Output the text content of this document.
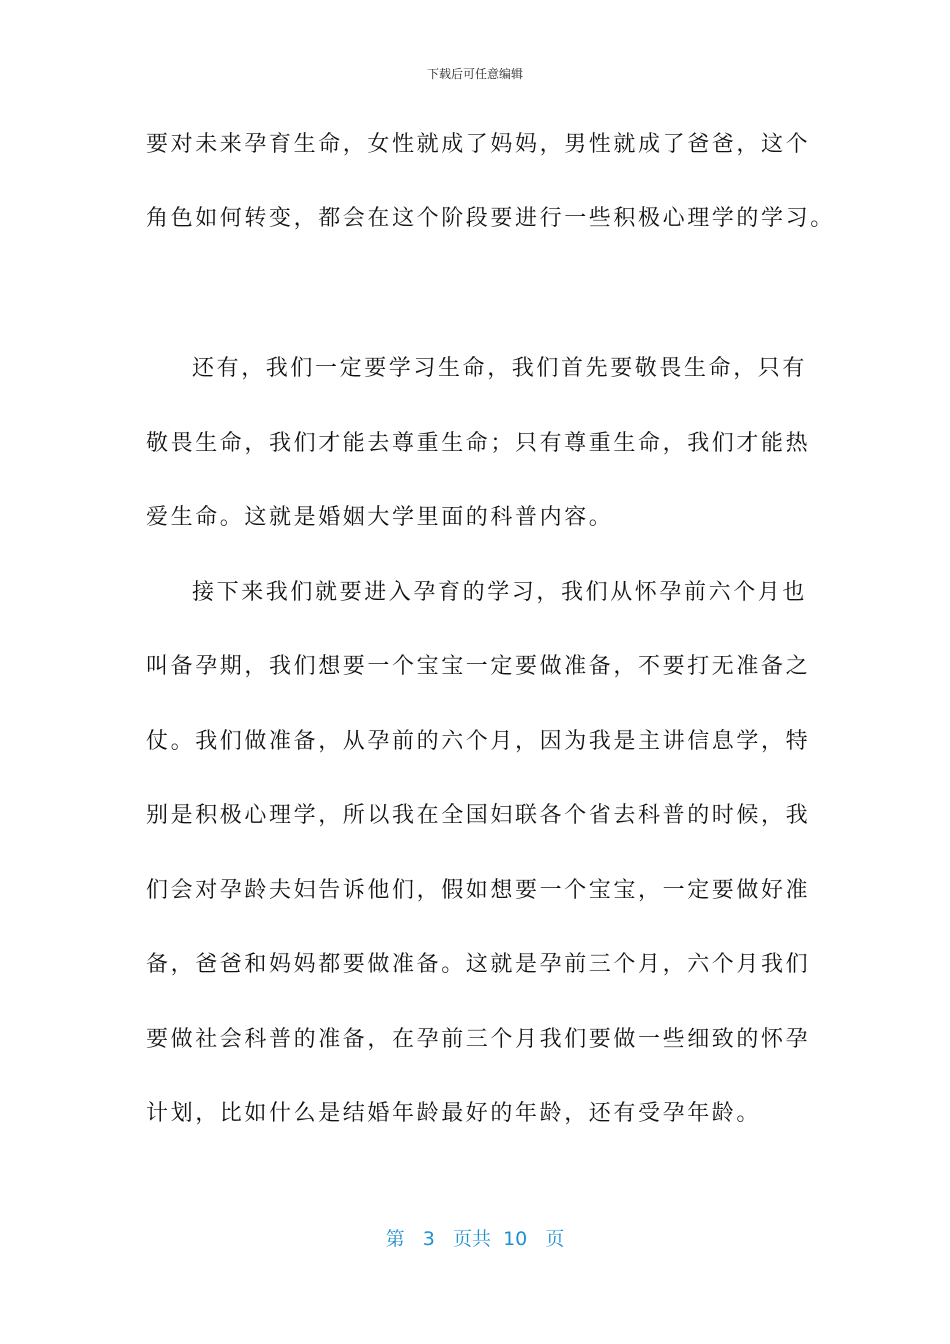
下载后可任意编辑
要对未来孕育生命，女性就成了妈妈，男性就成了爸爸，这个
角色如何转变，都会在这个阶段要进行一些积极心理学的学习。
还有，我们一定要学习生命，我们首先要敬畏生命，只有
敬畏生命，我们才能去尊重生命；只有尊重生命，我们才能热
爱生命。这就是婚姻大学里面的科普内容。
接下来我们就要进入孕育的学习，我们从怀孕前六个月也
叫备孕期，我们想要一个宝宝一定要做准备，不要打无准备之
仗。我们做准备，从孕前的六个月，因为我是主讲信息学，特
别是积极心理学，所以我在全国妇联各个省去科普的时候，我
们会对孕龄夫妇告诉他们，假如想要一个宝宝，一定要做好准
备，爸爸和妈妈都要做准备。这就是孕前三个月，六个月我们
要做社会科普的准备，在孕前三个月我们要做一些细致的怀孕
计划，比如什么是结婚年龄最好的年龄，还有受孕年龄。
第 3 页共 10 页
